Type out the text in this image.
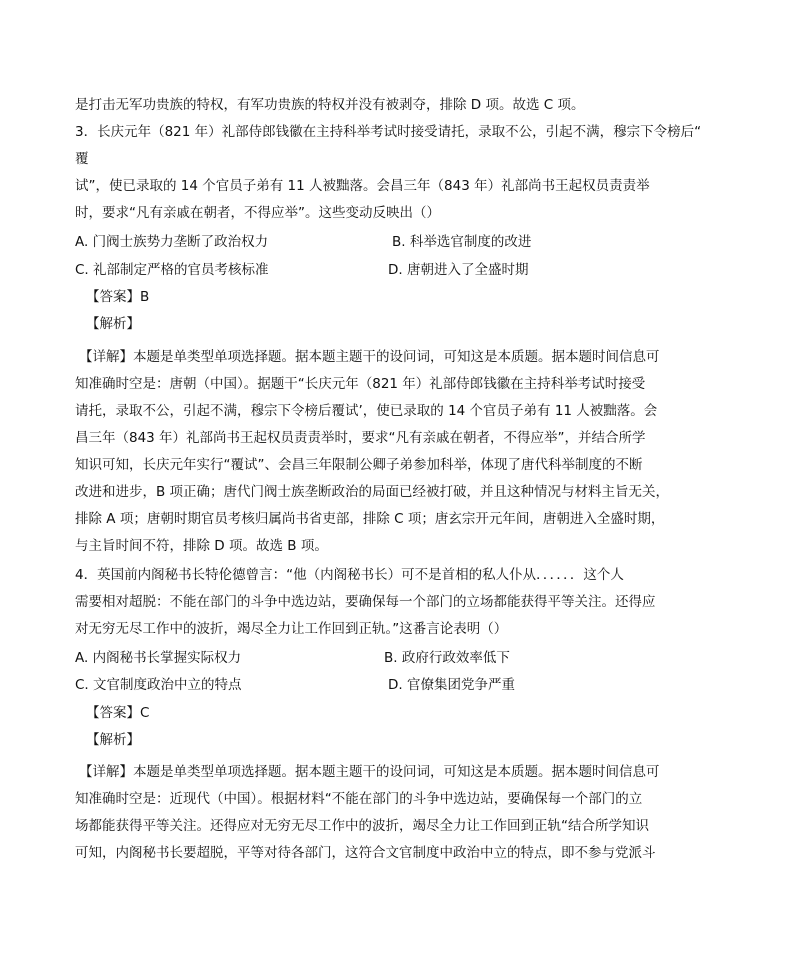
是打击无军功贵族的特权，有军功贵族的特权并没有被剥夺，排除 D 项。故选 C 项。
3．长庆元年（821 年）礼部侍郎钱徽在主持科举考试时接受请托，录取不公，引起不满，穆宗下令榜后“
覆
试”，使已录取的 14 个官员子弟有 11 人被黜落。会昌三年（843 年）礼部尚书王起权员责责举
时，要求“凡有亲戚在朝者，不得应举”。这些变动反映出（）
A. 门阀士族势力垄断了政治权力	B. 科举选官制度的改进
C. 礼部制定严格的官员考核标准	D. 唐朝进入了全盛时期
【答案】B
【解析】
【详解】本题是单类型单项选择题。据本题主题干的设问词，可知这是本质题。据本题时间信息可
知准确时空是：唐朝（中国）。据题干“长庆元年（821 年）礼部侍郎钱徽在主持科举考试时接受
请托，录取不公，引起不满，穆宗下令榜后覆试’，使已录取的 14 个官员子弟有 11 人被黜落。会
昌三年（843 年）礼部尚书王起权员责责举时，要求“凡有亲戚在朝者，不得应举”，并结合所学
知识可知，长庆元年实行“覆试”、会昌三年限制公卿子弟参加科举，体现了唐代科举制度的不断
改进和进步，B 项正确；唐代门阀士族垄断政治的局面已经被打破，并且这种情况与材料主旨无关，
排除 A 项；唐朝时期官员考核归属尚书省吏部，排除 C 项；唐玄宗开元年间，唐朝进入全盛时期，
与主旨时间不符，排除 D 项。故选 B 项。
4．英国前内阁秘书长特伦德曾言：“他（内阁秘书长）可不是首相的私人仆从．．．．．．这个人
需要相对超脱：不能在部门的斗争中选边站，要确保每一个部门的立场都能获得平等关注。还得应
对无穷无尽工作中的波折，竭尽全力让工作回到正轨。”这番言论表明（）
A. 内阁秘书长掌握实际权力	B. 政府行政效率低下
C. 文官制度政治中立的特点	D. 官僚集团党争严重
【答案】C
【解析】
【详解】本题是单类型单项选择题。据本题主题干的设问词，可知这是本质题。据本题时间信息可
知准确时空是：近现代（中国）。根据材料“不能在部门的斗争中选边站，要确保每一个部门的立
场都能获得平等关注。还得应对无穷无尽工作中的波折，竭尽全力让工作回到正轨“结合所学知识
可知，内阁秘书长要超脱，平等对待各部门，这符合文官制度中政治中立的特点，即不参与党派斗
